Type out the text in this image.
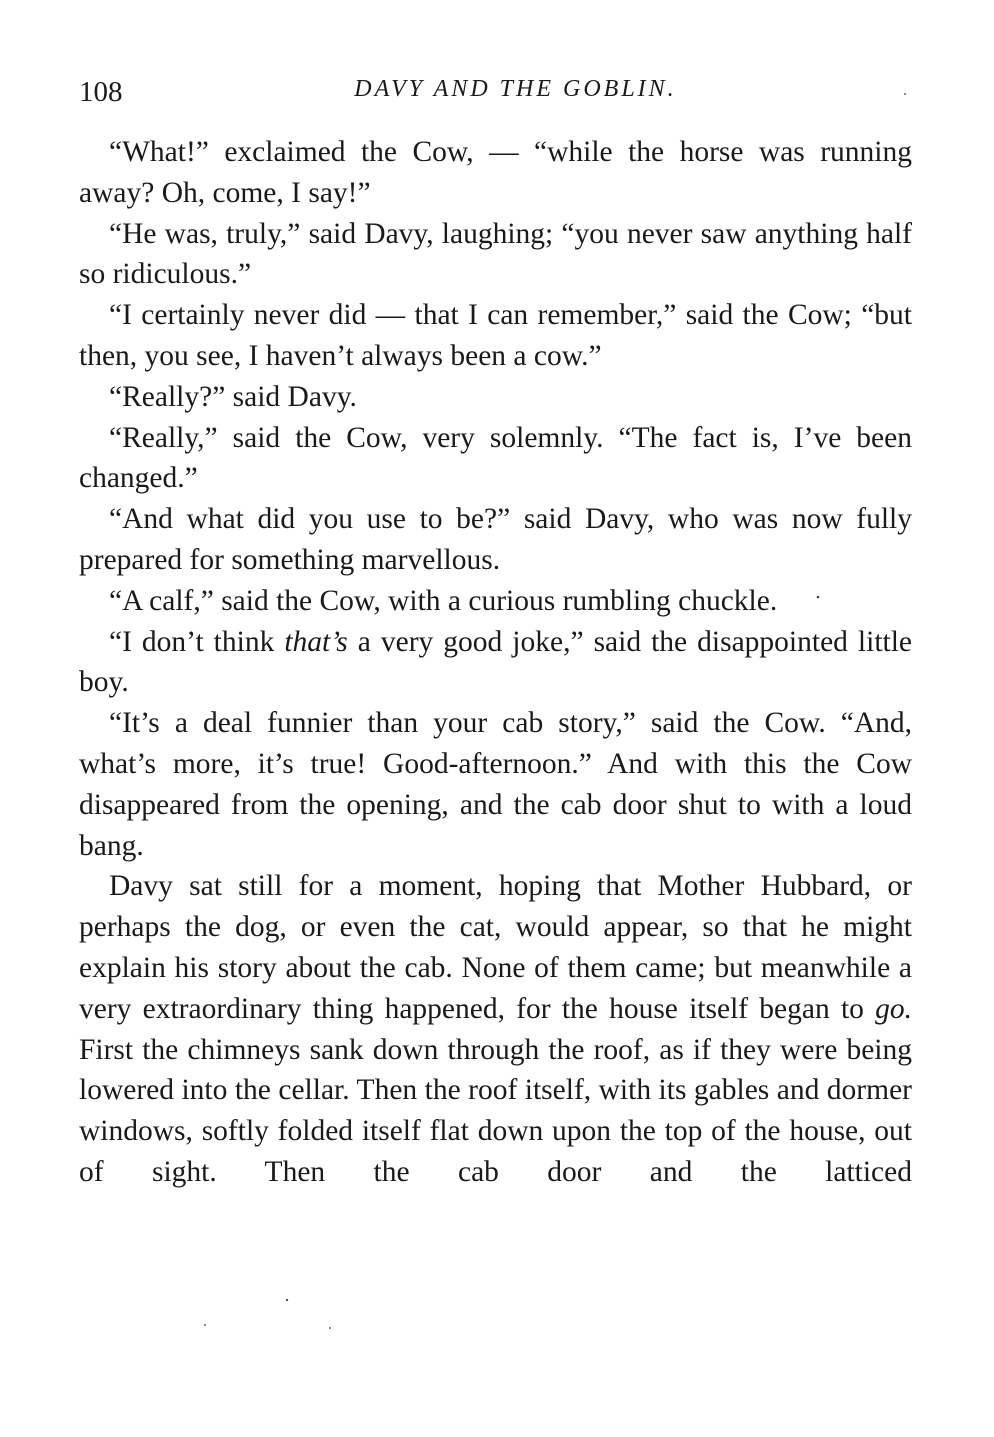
108	DAVY AND THE GOBLIN.

“What!” exclaimed the Cow, — “while the horse was running away? Oh, come, I say!”

“He was, truly,” said Davy, laughing; “you never saw anything half so ridiculous.”

“I certainly never did — that I can remember,” said the Cow; “but then, you see, I haven’t always been a cow.”

“Really?” said Davy.

“Really,” said the Cow, very solemnly. “The fact is, I’ve been changed.”

“And what did you use to be?” said Davy, who was now fully prepared for something marvellous.

“A calf,” said the Cow, with a curious rumbling chuckle.

“I don’t think that’s a very good joke,” said the disappointed little boy.

“It’s a deal funnier than your cab story,” said the Cow. “And, what’s more, it’s true! Good-afternoon.” And with this the Cow disappeared from the opening, and the cab door shut to with a loud bang.

Davy sat still for a moment, hoping that Mother Hubbard, or perhaps the dog, or even the cat, would appear, so that he might explain his story about the cab. None of them came; but meanwhile a very extraordinary thing happened, for the house itself began to go. First the chimneys sank down through the roof, as if they were being lowered into the cellar. Then the roof itself, with its gables and dormer windows, softly folded itself flat down upon the top of the house, out of sight. Then the cab door and the latticed
